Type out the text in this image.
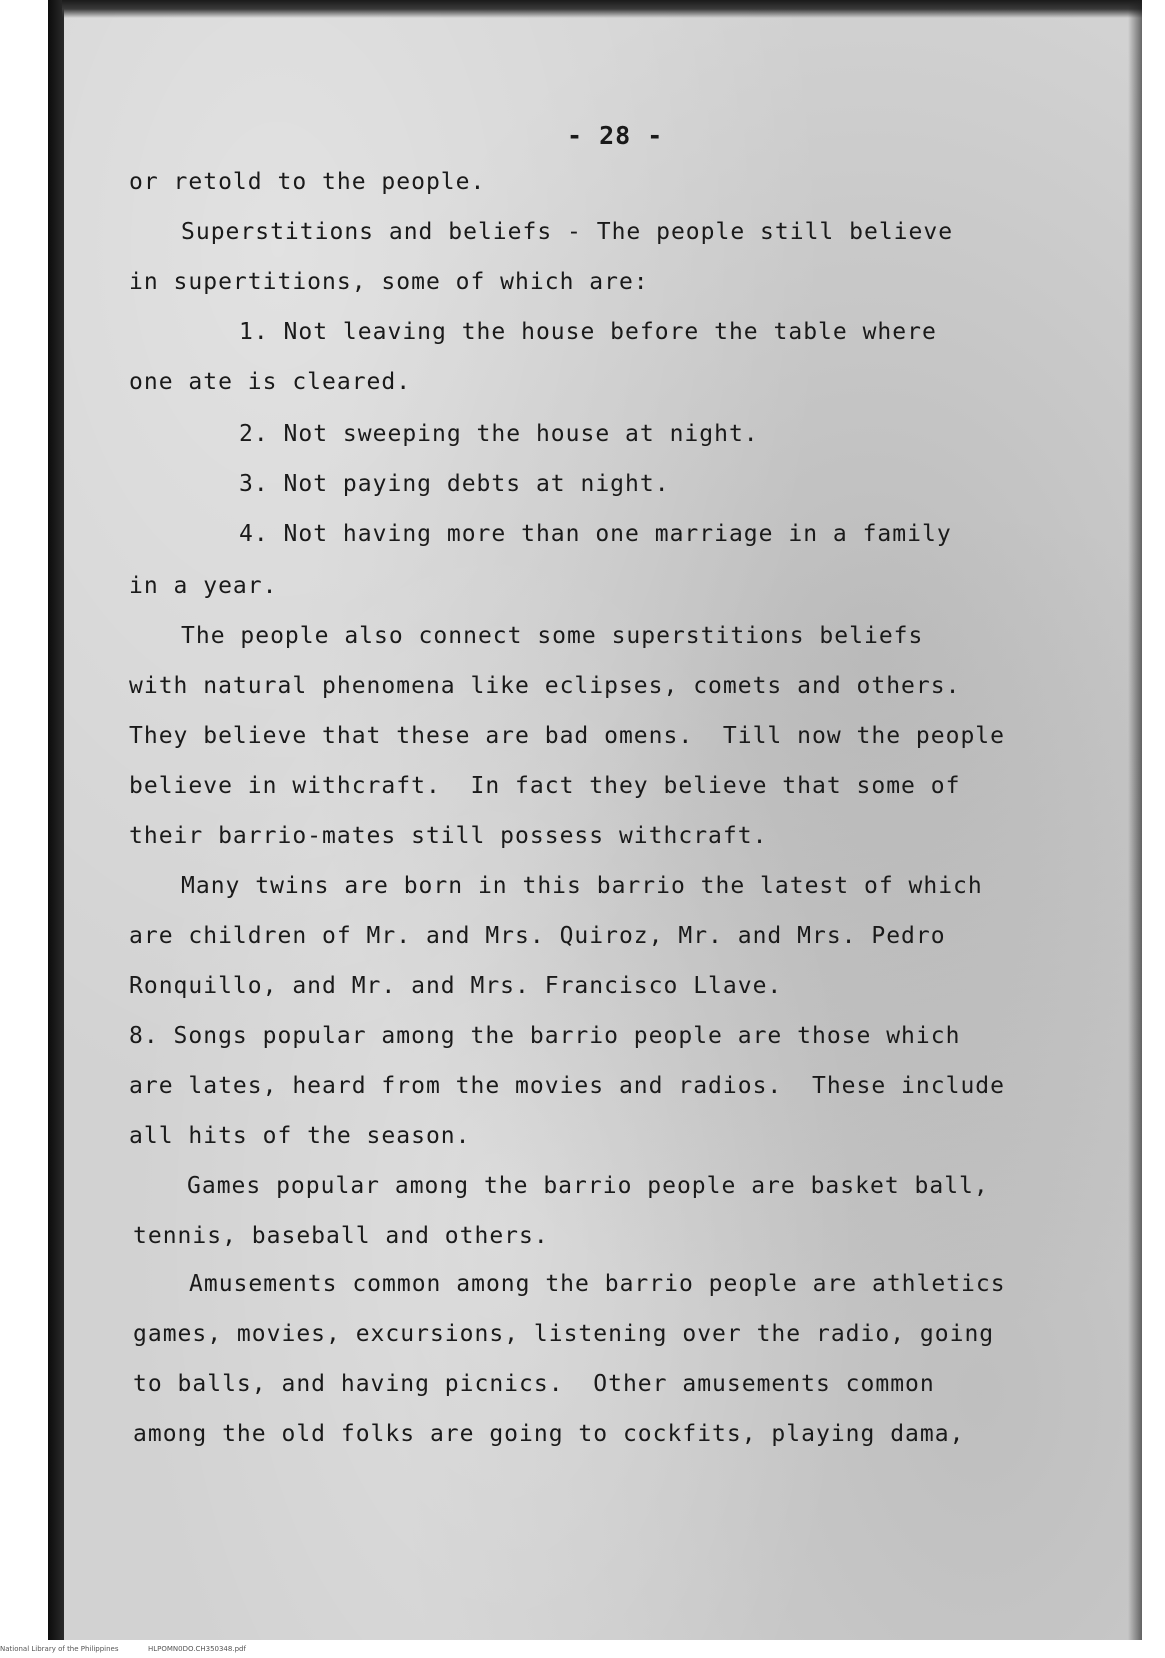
- 28 -
or retold to the people.
Superstitions and beliefs - The people still believe
in supertitions, some of which are:
1. Not leaving the house before the table where
one ate is cleared.
2. Not sweeping the house at night.
3. Not paying debts at night.
4. Not having more than one marriage in a family
in a year.
The people also connect some superstitions beliefs
with natural phenomena like eclipses, comets and others.
They believe that these are bad omens.  Till now the people
believe in withcraft.  In fact they believe that some of
their barrio-mates still possess withcraft.
Many twins are born in this barrio the latest of which
are children of Mr. and Mrs. Quiroz, Mr. and Mrs. Pedro
Ronquillo, and Mr. and Mrs. Francisco Llave.
8. Songs popular among the barrio people are those which
are lates, heard from the movies and radios.  These include
all hits of the season.
Games popular among the barrio people are basket ball,
tennis, baseball and others.
Amusements common among the barrio people are athletics
games, movies, excursions, listening over the radio, going
to balls, and having picnics.  Other amusements common
among the old folks are going to cockfits, playing dama,
National Library of the Philippines	HLPOMN0DO.CH350348.pdf
